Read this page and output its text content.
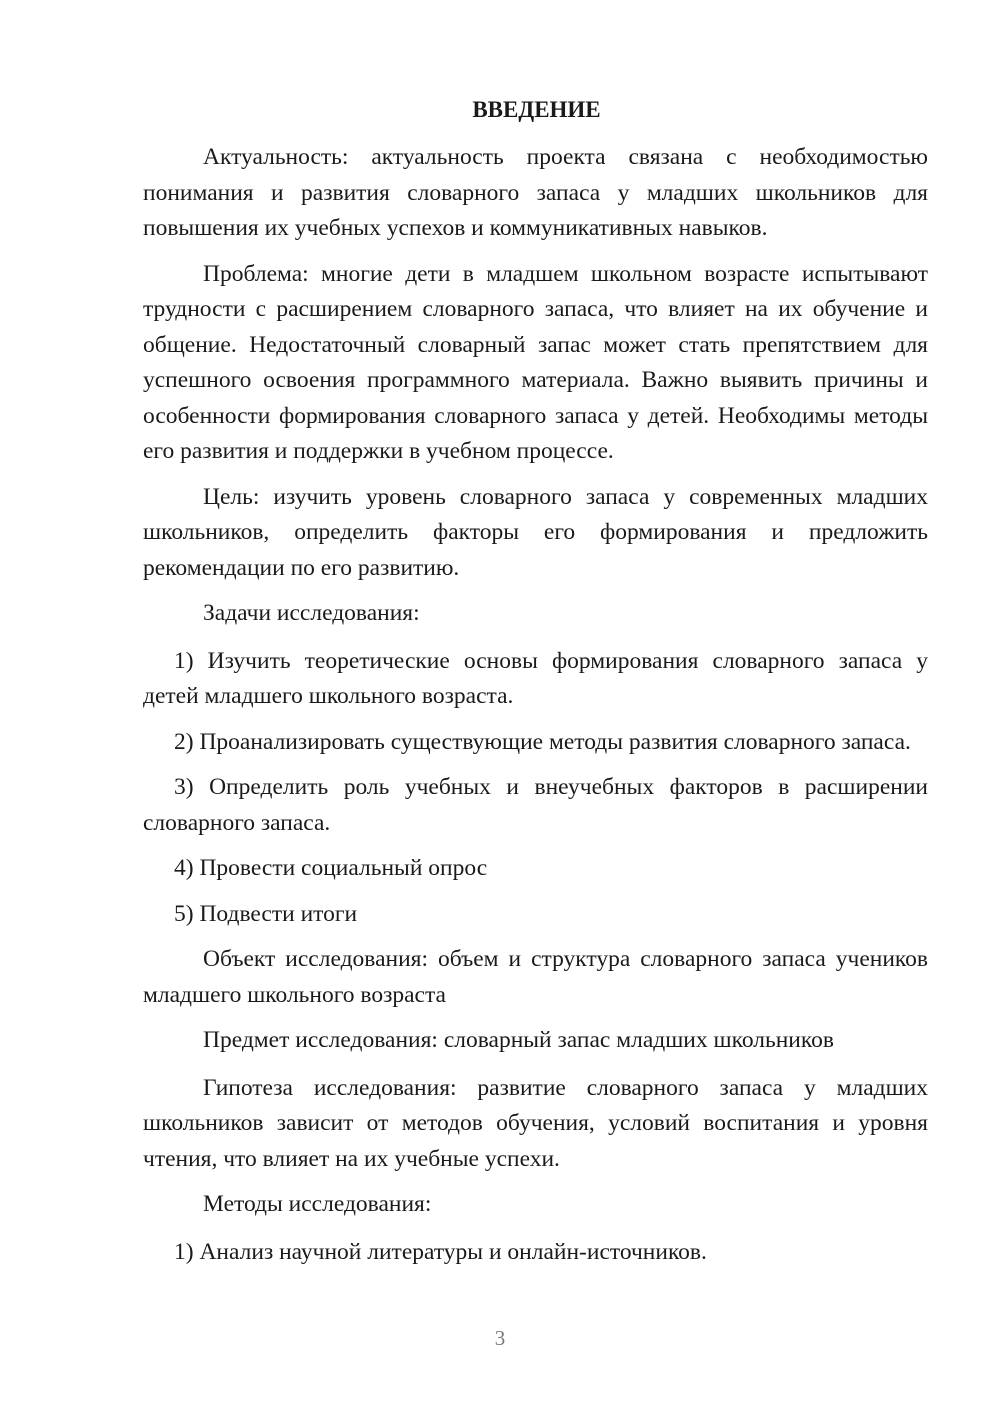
ВВЕДЕНИЕ

Актуальность: актуальность проекта связана с необходимостью понимания и развития словарного запаса у младших школьников для повышения их учебных успехов и коммуникативных навыков.

Проблема: многие дети в младшем школьном возрасте испытывают трудности с расширением словарного запаса, что влияет на их обучение и общение. Недостаточный словарный запас может стать препятствием для успешного освоения программного материала. Важно выявить причины и особенности формирования словарного запаса у детей. Необходимы методы его развития и поддержки в учебном процессе.

Цель: изучить уровень словарного запаса у современных младших школьников, определить факторы его формирования и предложить рекомендации по его развитию.

Задачи исследования:

1) Изучить теоретические основы формирования словарного запаса у детей младшего школьного возраста.

2) Проанализировать существующие методы развития словарного запаса.

3) Определить роль учебных и внеучебных факторов в расширении словарного запаса.

4) Провести социальный опрос

5) Подвести итоги

Объект исследования: объем и структура словарного запаса учеников младшего школьного возраста

Предмет исследования: словарный запас младших школьников

Гипотеза исследования: развитие словарного запаса у младших школьников зависит от методов обучения, условий воспитания и уровня чтения, что влияет на их учебные успехи.

Методы исследования:

1) Анализ научной литературы и онлайн-источников.

3
